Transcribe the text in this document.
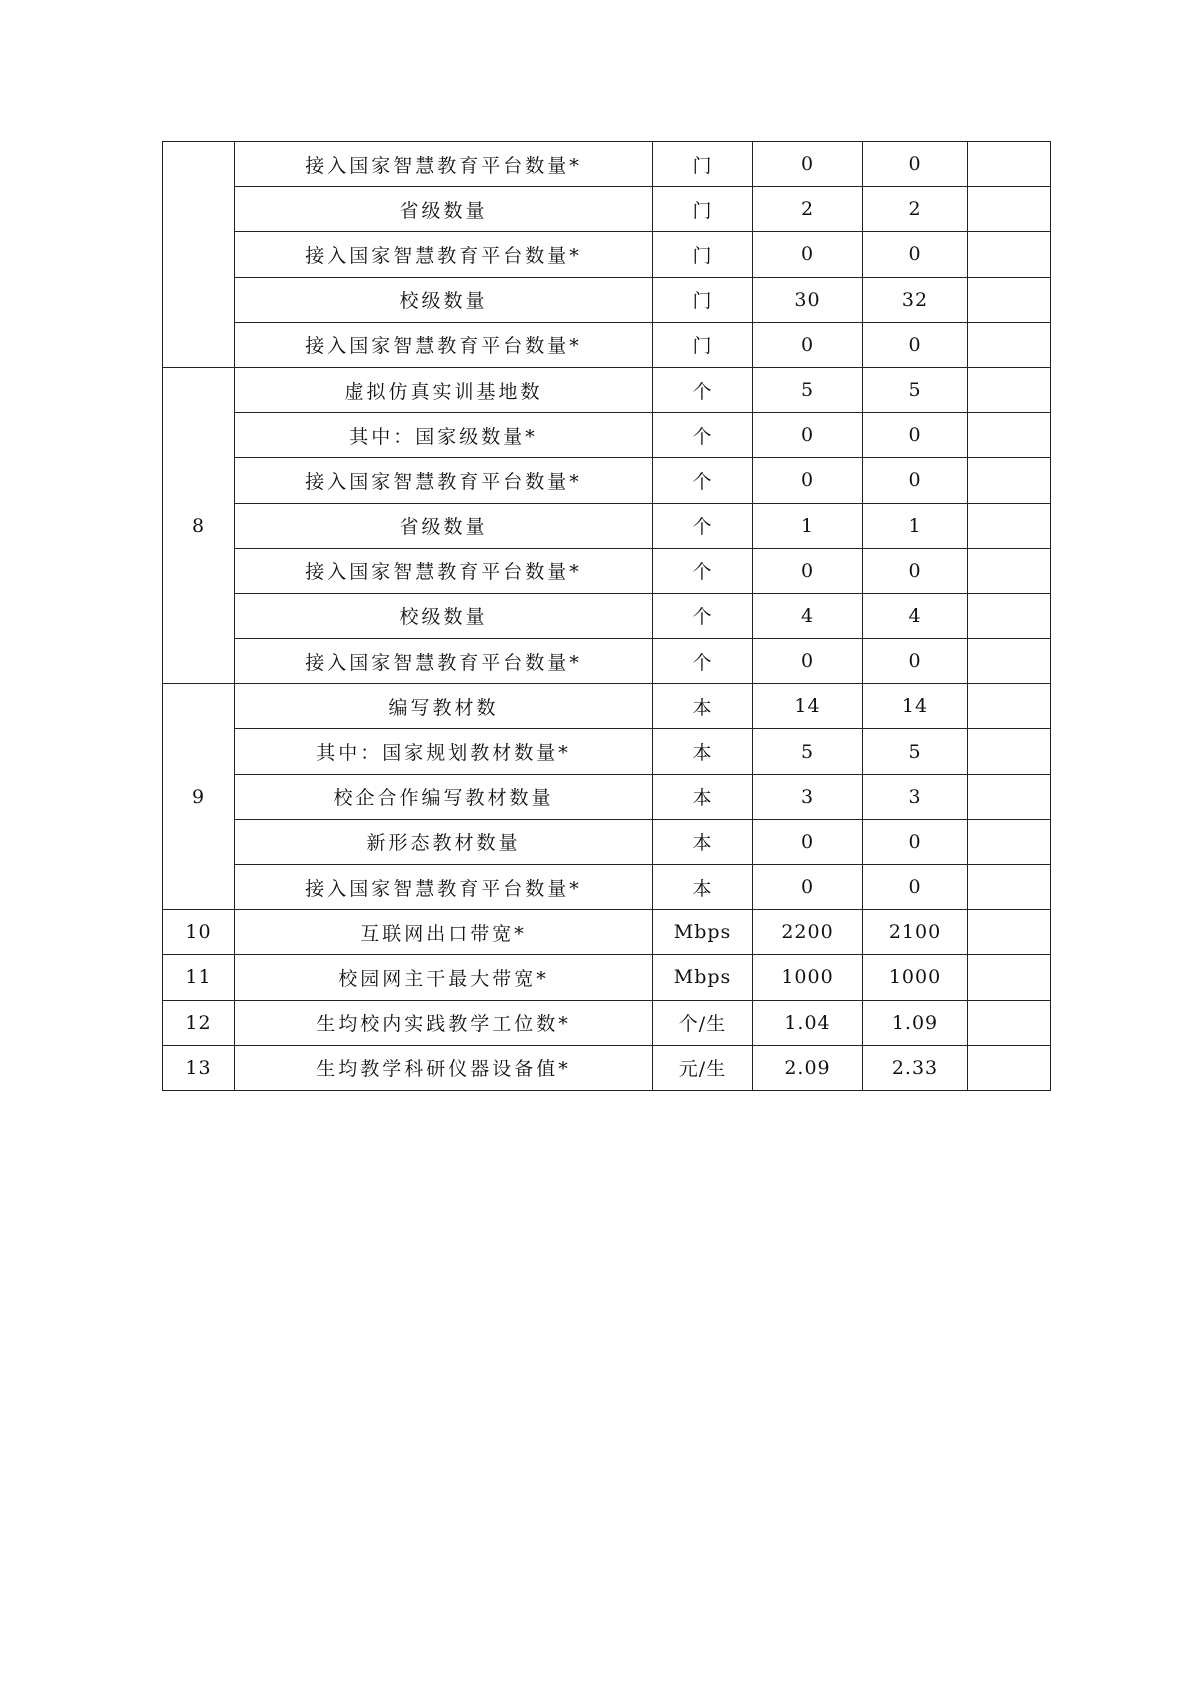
	接入国家智慧教育平台数量*	门	0	0	
	省级数量	门	2	2	
	接入国家智慧教育平台数量*	门	0	0	
	校级数量	门	30	32	
	接入国家智慧教育平台数量*	门	0	0	
8	虚拟仿真实训基地数	个	5	5	
	其中：国家级数量*	个	0	0	
	接入国家智慧教育平台数量*	个	0	0	
	省级数量	个	1	1	
	接入国家智慧教育平台数量*	个	0	0	
	校级数量	个	4	4	
	接入国家智慧教育平台数量*	个	0	0	
9	编写教材数	本	14	14	
	其中：国家规划教材数量*	本	5	5	
	校企合作编写教材数量	本	3	3	
	新形态教材数量	本	0	0	
	接入国家智慧教育平台数量*	本	0	0	
10	互联网出口带宽*	Mbps	2200	2100	
11	校园网主干最大带宽*	Mbps	1000	1000	
12	生均校内实践教学工位数*	个/生	1.04	1.09	
13	生均教学科研仪器设备值*	元/生	2.09	2.33	
